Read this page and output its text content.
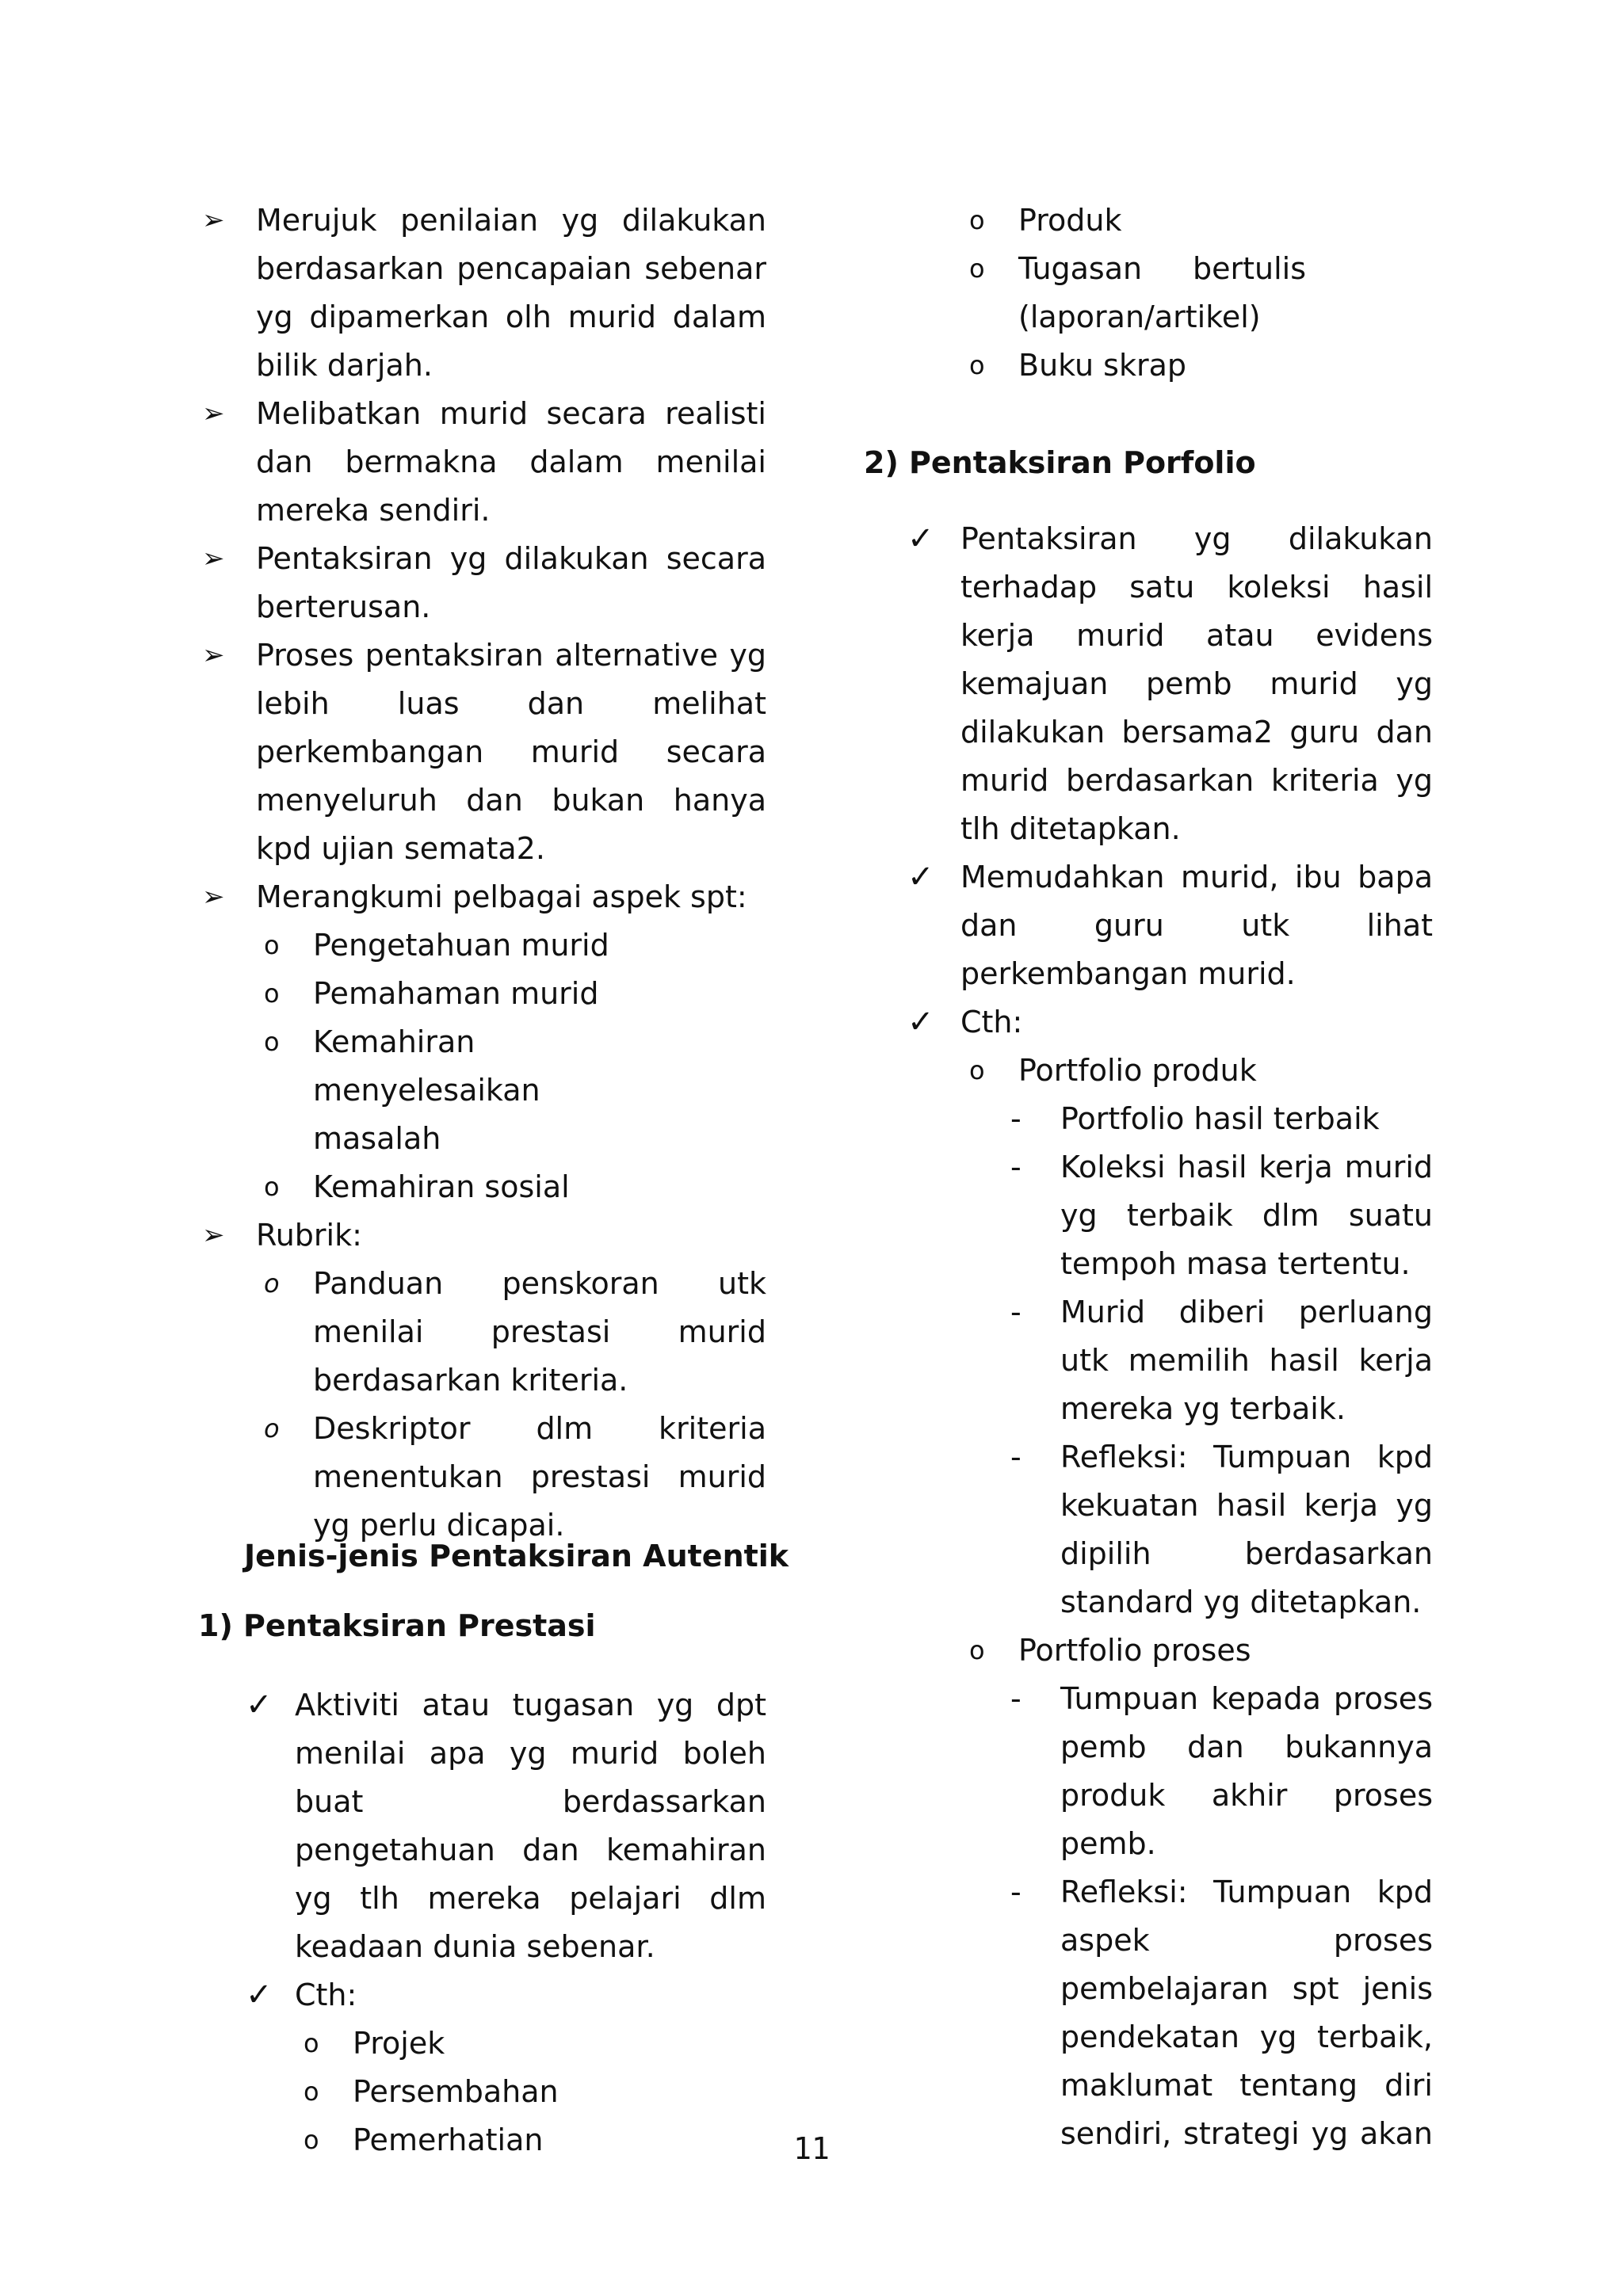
➢ Merujuk penilaian yg dilakukan berdasarkan pencapaian sebenar yg dipamerkan olh murid dalam bilik darjah.
➢ Melibatkan murid secara realisti dan bermakna dalam menilai mereka sendiri.
➢ Pentaksiran yg dilakukan secara berterusan.
➢ Proses pentaksiran alternative yg lebih luas dan melihat perkembangan murid secara menyeluruh dan bukan hanya kpd ujian semata2.
➢ Merangkumi pelbagai aspek spt:
o Pengetahuan murid
o Pemahaman murid
o Kemahiran menyelesaikan masalah
o Kemahiran sosial
➢ Rubrik:
o Panduan penskoran utk menilai prestasi murid berdasarkan kriteria.
o Deskriptor dlm kriteria menentukan prestasi murid yg perlu dicapai.
Jenis-jenis Pentaksiran Autentik
1) Pentaksiran Prestasi
✓ Aktiviti atau tugasan yg dpt menilai apa yg murid boleh buat berdassarkan pengetahuan dan kemahiran yg tlh mereka pelajari dlm keadaan dunia sebenar.
✓ Cth:
o Projek
o Persembahan
o Pemerhatian
o Produk
o Tugasan bertulis (laporan/artikel)
o Buku skrap
2) Pentaksiran Porfolio
✓ Pentaksiran yg dilakukan terhadap satu koleksi hasil kerja murid atau evidens kemajuan pemb murid yg dilakukan bersama2 guru dan murid berdasarkan kriteria yg tlh ditetapkan.
✓ Memudahkan murid, ibu bapa dan guru utk lihat perkembangan murid.
✓ Cth:
o Portfolio produk
- Portfolio hasil terbaik
- Koleksi hasil kerja murid yg terbaik dlm suatu tempoh masa tertentu.
- Murid diberi perluang utk memilih hasil kerja mereka yg terbaik.
- Refleksi: Tumpuan kpd kekuatan hasil kerja yg dipilih berdasarkan standard yg ditetapkan.
o Portfolio proses
- Tumpuan kepada proses pemb dan bukannya produk akhir proses pemb.
- Refleksi: Tumpuan kpd aspek proses pembelajaran spt jenis pendekatan yg terbaik, maklumat tentang diri sendiri, strategi yg akan
11
